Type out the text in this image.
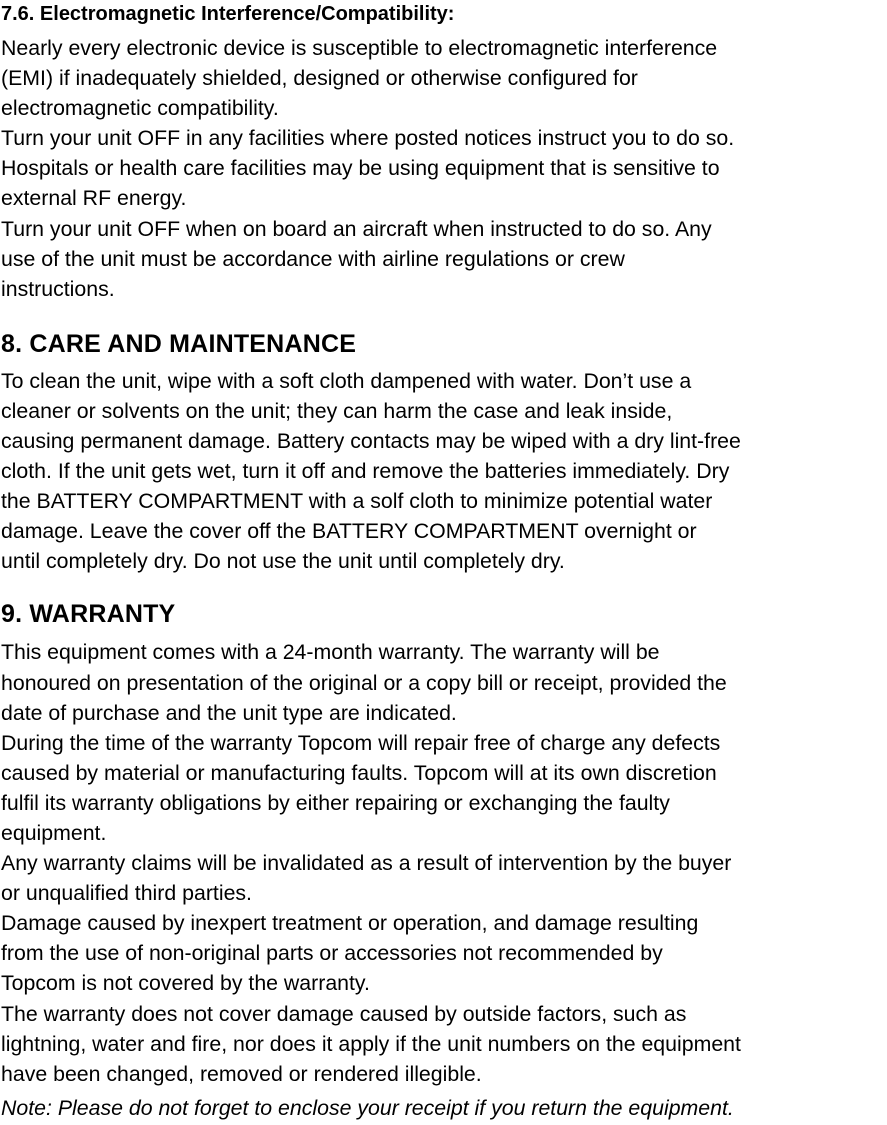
7.6. Electromagnetic Interference/Compatibility:
Nearly every electronic device is susceptible to electromagnetic interference
(EMI) if inadequately shielded, designed or otherwise configured for
electromagnetic compatibility.
Turn your unit OFF in any facilities where posted notices instruct you to do so.
Hospitals or health care facilities may be using equipment that is sensitive to
external RF energy.
Turn your unit OFF when on board an aircraft when instructed to do so. Any
use of the unit must be accordance with airline regulations or crew
instructions.
8. CARE AND MAINTENANCE
To clean the unit, wipe with a soft cloth dampened with water. Don’t use a
cleaner or solvents on the unit; they can harm the case and leak inside,
causing permanent damage. Battery contacts may be wiped with a dry lint-free
cloth. If the unit gets wet, turn it off and remove the batteries immediately. Dry
the BATTERY COMPARTMENT with a solf cloth to minimize potential water
damage. Leave the cover off the BATTERY COMPARTMENT overnight or
until completely dry. Do not use the unit until completely dry.
9. WARRANTY
This equipment comes with a 24-month warranty. The warranty will be
honoured on presentation of the original or a copy bill or receipt, provided the
date of purchase and the unit type are indicated.
During the time of the warranty Topcom will repair free of charge any defects
caused by material or manufacturing faults. Topcom will at its own discretion
fulfil its warranty obligations by either repairing or exchanging the faulty
equipment.
Any warranty claims will be invalidated as a result of intervention by the buyer
or unqualified third parties.
Damage caused by inexpert treatment or operation, and damage resulting
from the use of non-original parts or accessories not recommended by
Topcom is not covered by the warranty.
The warranty does not cover damage caused by outside factors, such as
lightning, water and fire, nor does it apply if the unit numbers on the equipment
have been changed, removed or rendered illegible.
Note: Please do not forget to enclose your receipt if you return the equipment.
